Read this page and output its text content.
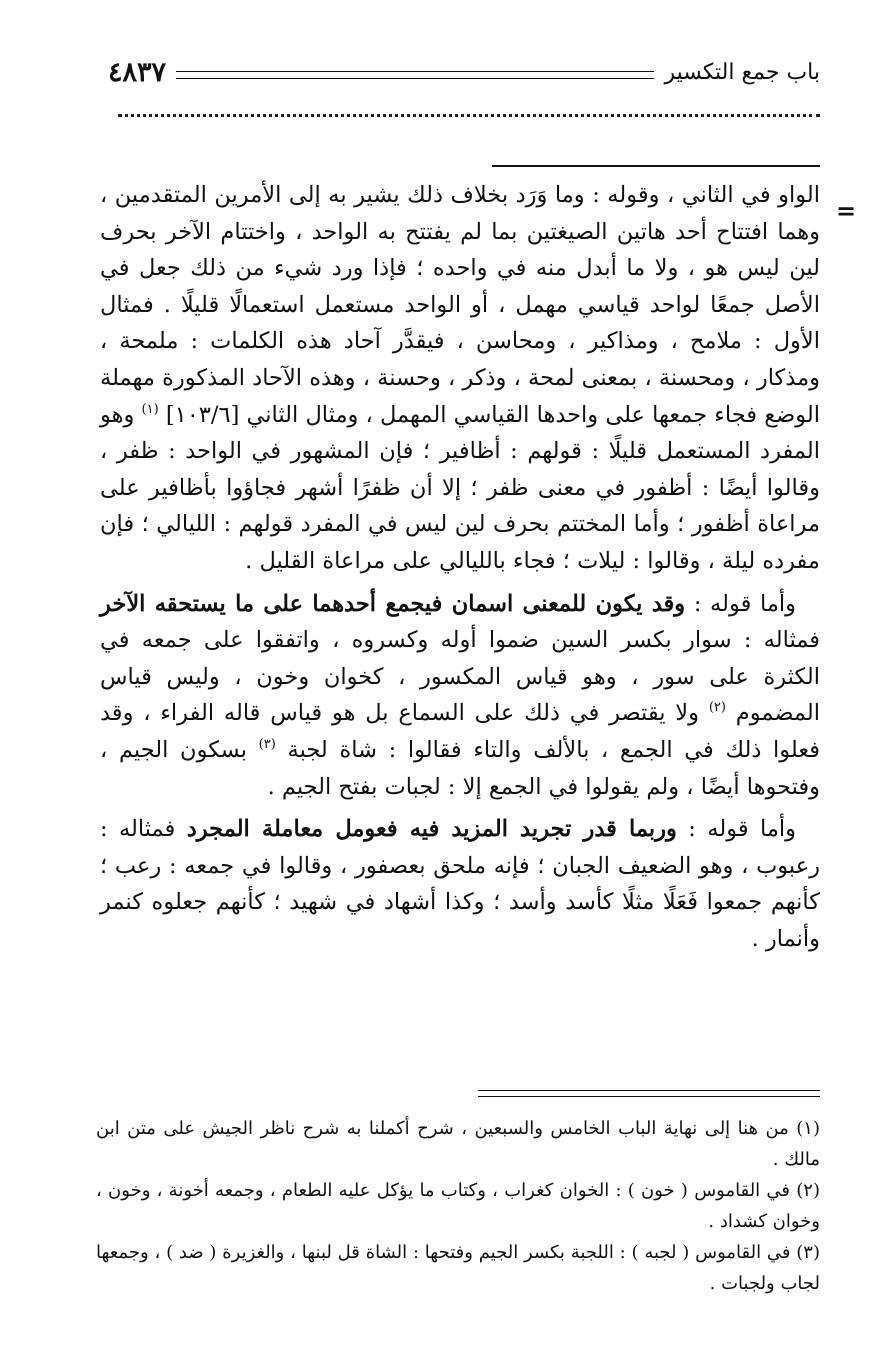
باب جمع التكسير
٤٨٣٧
=

الواو في الثاني ، وقوله : وما وَرَد بخلاف ذلك يشير به إلى الأمرين المتقدمين ، وهما افتتاح أحد هاتين الصيغتين بما لم يفتتح به الواحد ، واختتام الآخر بحرف لين ليس هو ، ولا ما أبدل منه في واحده ؛ فإذا ورد شيء من ذلك جعل في الأصل جمعًا لواحد قياسي مهمل ، أو الواحد مستعمل استعمالًا قليلًا . فمثال الأول : ملامح ، ومذاكير ، ومحاسن ، فيقدَّر آحاد هذه الكلمات : ملمحة ، ومذكار ، ومحسنة ، بمعنى لمحة ، وذكر ، وحسنة ، وهذه الآحاد المذكورة مهملة الوضع فجاء جمعها على واحدها القياسي المهمل ، ومثال الثاني [١٠٣/٦] $^{(١)}$ وهو المفرد المستعمل قليلًا : قولهم : أظافير ؛ فإن المشهور في الواحد : ظفر ، وقالوا أيضًا : أظفور في معنى ظفر ؛ إلا أن ظفرًا أشهر فجاؤوا بأظافير على مراعاة أظفور ؛ وأما المختتم بحرف لين ليس في المفرد قولهم : الليالي ؛ فإن مفرده ليلة ، وقالوا : ليلات ؛ فجاء بالليالي على مراعاة القليل .

وأما قوله : وقد يكون للمعنى اسمان فيجمع أحدهما على ما يستحقه الآخر فمثاله : سوار بكسر السين ضموا أوله وكسروه ، واتفقوا على جمعه في الكثرة على سور ، وهو قياس المكسور ، كخوان وخون ، وليس قياس المضموم $^{(٢)}$ ولا يقتصر في ذلك على السماع بل هو قياس قاله الفراء ، وقد فعلوا ذلك في الجمع ، بالألف والتاء فقالوا : شاة لجبة $^{(٣)}$ بسكون الجيم ، وفتحوها أيضًا ، ولم يقولوا في الجمع إلا : لجبات بفتح الجيم .

وأما قوله : وربما قدر تجريد المزيد فيه فعومل معاملة المجرد فمثاله : رعبوب ، وهو الضعيف الجبان ؛ فإنه ملحق بعصفور ، وقالوا في جمعه : رعب ؛ كأنهم جمعوا فَعَلًا مثلًا كأسد وأسد ؛ وكذا أشهاد في شهيد ؛ كأنهم جعلوه كنمر وأنمار .

(١) من هنا إلى نهاية الباب الخامس والسبعين ، شرح أكملنا به شرح ناظر الجيش على متن ابن مالك .

(٢) في القاموس ( خون ) : الخوان كغراب ، وكتاب ما يؤكل عليه الطعام ، وجمعه أخونة ، وخون ، وخوان كشداد .

(٣) في القاموس ( لجبه ) : اللجبة بكسر الجيم وفتحها : الشاة قل لبنها ، والغزيرة ( ضد ) ، وجمعها لجاب ولجبات .
